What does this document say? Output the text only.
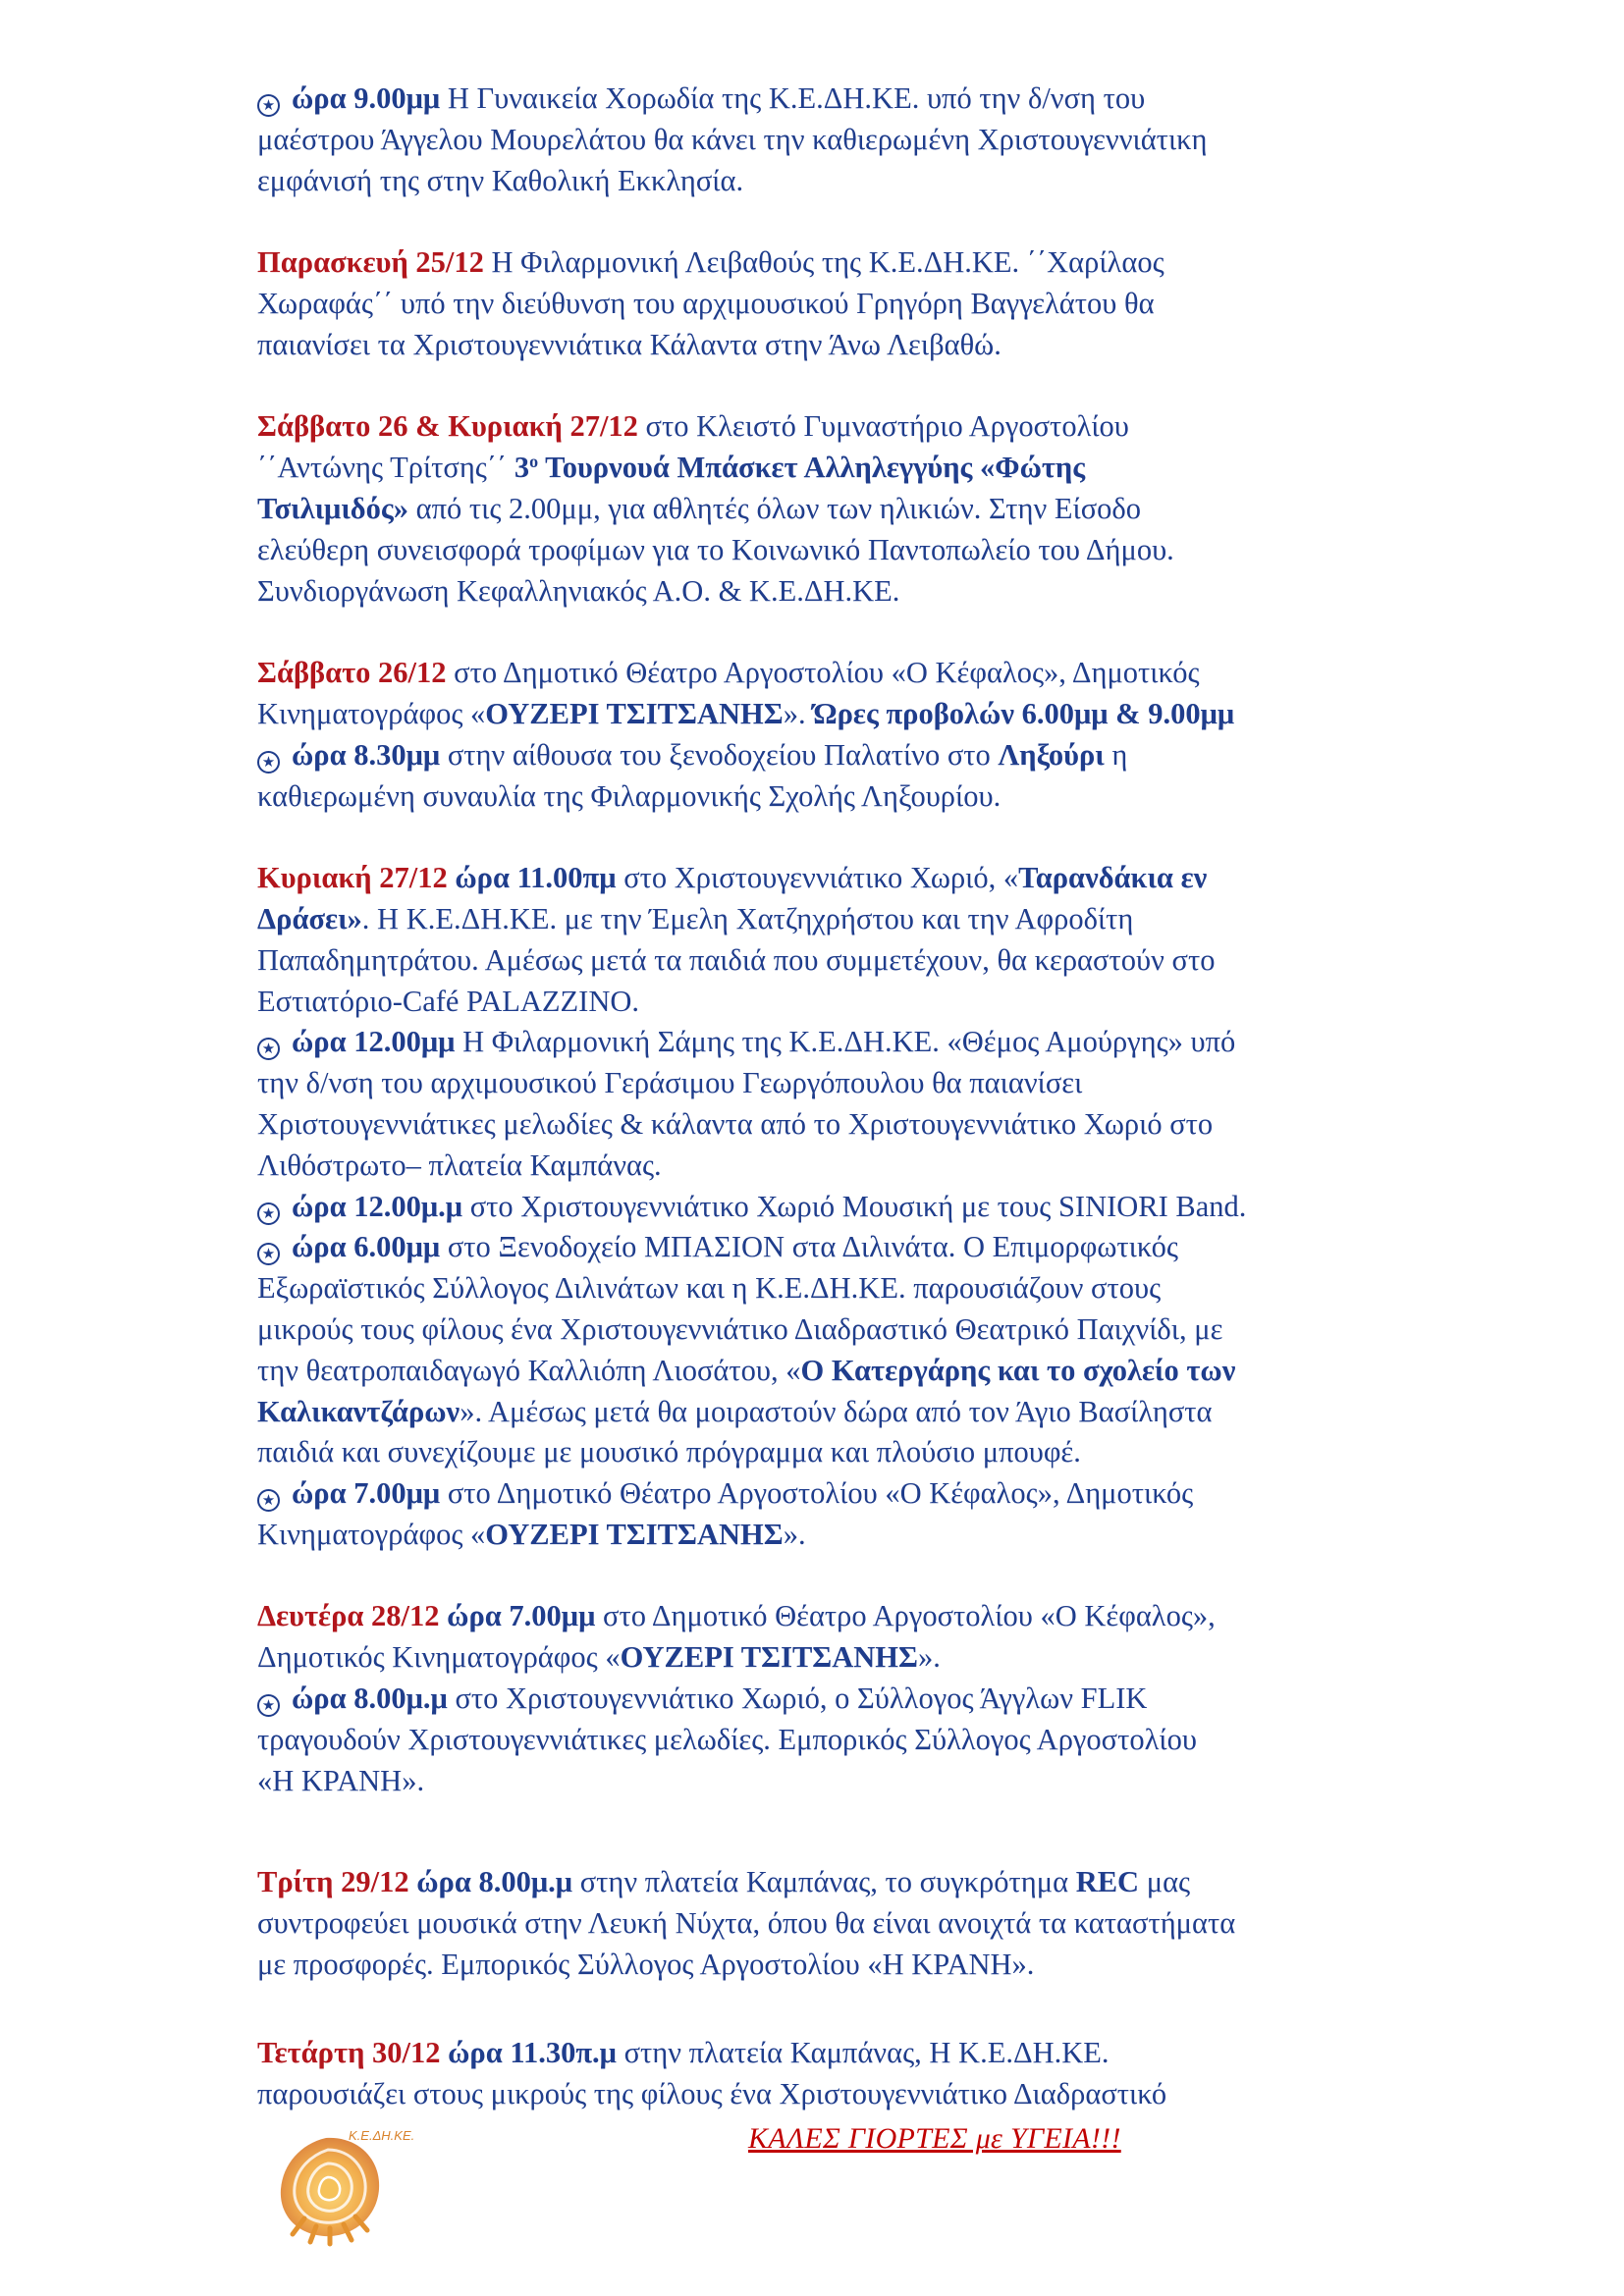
★ ώρα 9.00μμ Η Γυναικεία Χορωδία της Κ.Ε.ΔΗ.ΚΕ. υπό την δ/νση του
μαέστρου Άγγελου Μουρελάτου θα κάνει την καθιερωμένη Χριστουγεννιάτικη
εμφάνισή της στην Καθολική Εκκλησία.
Παρασκευή 25/12 Η Φιλαρμονική Λειβαθούς της Κ.Ε.ΔΗ.ΚΕ. ΄΄Χαρίλαος
Χωραφάς΄΄ υπό την διεύθυνση του αρχιμουσικού Γρηγόρη Βαγγελάτου θα
παιανίσει τα Χριστουγεννιάτικα Κάλαντα στην Άνω Λειβαθώ.
Σάββατο 26 & Κυριακή 27/12 στο Κλειστό Γυμναστήριο Αργοστολίου
΄΄Αντώνης Τρίτσης΄΄ $3^o$ Τουρνουά Μπάσκετ Αλληλεγγύης «Φώτης
Τσιλιμιδός» από τις 2.00μμ, για αθλητές όλων των ηλικιών. Στην Είσοδο
ελεύθερη συνεισφορά τροφίμων για το Κοινωνικό Παντοπωλείο του Δήμου.
Συνδιοργάνωση Κεφαλληνιακός Α.Ο. & Κ.Ε.ΔΗ.ΚΕ.
Σάββατο 26/12 στο Δημοτικό Θέατρο Αργοστολίου «Ο Κέφαλος», Δημοτικός
Κινηματογράφος «ΟΥΖΕΡΙ ΤΣΙΤΣΑΝΗΣ». Ώρες προβολών 6.00μμ & 9.00μμ
★ ώρα 8.30μμ στην αίθουσα του ξενοδοχείου Παλατίνο στο Ληξούρι η
καθιερωμένη συναυλία της Φιλαρμονικής Σχολής Ληξουρίου.
Κυριακή 27/12 ώρα 11.00πμ στο Χριστουγεννιάτικο Χωριό, «Ταρανδάκια εν
Δράσει». Η Κ.Ε.ΔΗ.ΚΕ. με την Έμελη Χατζηχρήστου και την Αφροδίτη
Παπαδημητράτου. Αμέσως μετά τα παιδιά που συμμετέχουν, θα κεραστούν στο
Εστιατόριο-Café PALAZZINO.
★ ώρα 12.00μμ Η Φιλαρμονική Σάμης της Κ.Ε.ΔΗ.ΚΕ. «Θέμος Αμούργης» υπό
την δ/νση του αρχιμουσικού Γεράσιμου Γεωργόπουλου θα παιανίσει
Χριστουγεννιάτικες μελωδίες & κάλαντα από το Χριστουγεννιάτικο Χωριό στο
Λιθόστρωτο– πλατεία Καμπάνας.
★ ώρα 12.00μ.μ στο Χριστουγεννιάτικο Χωριό Μουσική με τους SINIORI Band.
★ ώρα 6.00μμ στο Ξενοδοχείο ΜΠΑΣΙΟΝ στα Διλινάτα. Ο Επιμορφωτικός
Εξωραϊστικός Σύλλογος Διλινάτων και η Κ.Ε.ΔΗ.ΚΕ. παρουσιάζουν στους
μικρούς τους φίλους ένα Χριστουγεννιάτικο Διαδραστικό Θεατρικό Παιχνίδι, με
την θεατροπαιδαγωγό Καλλιόπη Λιοσάτου, «Ο Κατεργάρης και το σχολείο των
Καλικαντζάρων». Αμέσως μετά θα μοιραστούν δώρα από τον Άγιο Βασίληστα
παιδιά και συνεχίζουμε με μουσικό πρόγραμμα και πλούσιο μπουφέ.
★ ώρα 7.00μμ στο Δημοτικό Θέατρο Αργοστολίου «Ο Κέφαλος», Δημοτικός
Κινηματογράφος «ΟΥΖΕΡΙ ΤΣΙΤΣΑΝΗΣ».
Δευτέρα 28/12 ώρα 7.00μμ στο Δημοτικό Θέατρο Αργοστολίου «Ο Κέφαλος»,
Δημοτικός Κινηματογράφος «ΟΥΖΕΡΙ ΤΣΙΤΣΑΝΗΣ».
★ ώρα 8.00μ.μ στο Χριστουγεννιάτικο Χωριό, ο Σύλλογος Άγγλων FLIK
τραγουδούν Χριστουγεννιάτικες μελωδίες. Εμπορικός Σύλλογος Αργοστολίου
«Η ΚΡΑΝΗ».
Τρίτη 29/12 ώρα 8.00μ.μ στην πλατεία Καμπάνας, το συγκρότημα REC μας
συντροφεύει μουσικά στην Λευκή Νύχτα, όπου θα είναι ανοιχτά τα καταστήματα
με προσφορές. Εμπορικός Σύλλογος Αργοστολίου «Η ΚΡΑΝΗ».
Τετάρτη 30/12 ώρα 11.30π.μ στην πλατεία Καμπάνας, Η Κ.Ε.ΔΗ.ΚΕ.
παρουσιάζει στους μικρούς της φίλους ένα Χριστουγεννιάτικο Διαδραστικό
Κ.Ε.ΔΗ.ΚΕ.	ΚΑΛΕΣ ΓΙΟΡΤΕΣ με ΥΓΕΙΑ!!!
